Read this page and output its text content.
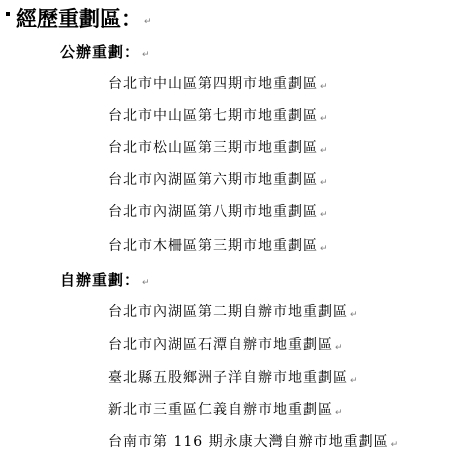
經歷重劃區： ↵
公辦重劃： ↵
台北市中山區第四期市地重劃區 ↵
台北市中山區第七期市地重劃區 ↵
台北市松山區第三期市地重劃區 ↵
台北市內湖區第六期市地重劃區 ↵
台北市內湖區第八期市地重劃區 ↵
台北市木柵區第三期市地重劃區 ↵
自辦重劃： ↵
台北市內湖區第二期自辦市地重劃區 ↵
台北市內湖區石潭自辦市地重劃區 ↵
臺北縣五股鄉洲子洋自辦市地重劃區 ↵
新北市三重區仁義自辦市地重劃區 ↵
台南市第 116 期永康大灣自辦市地重劃區 ↵
